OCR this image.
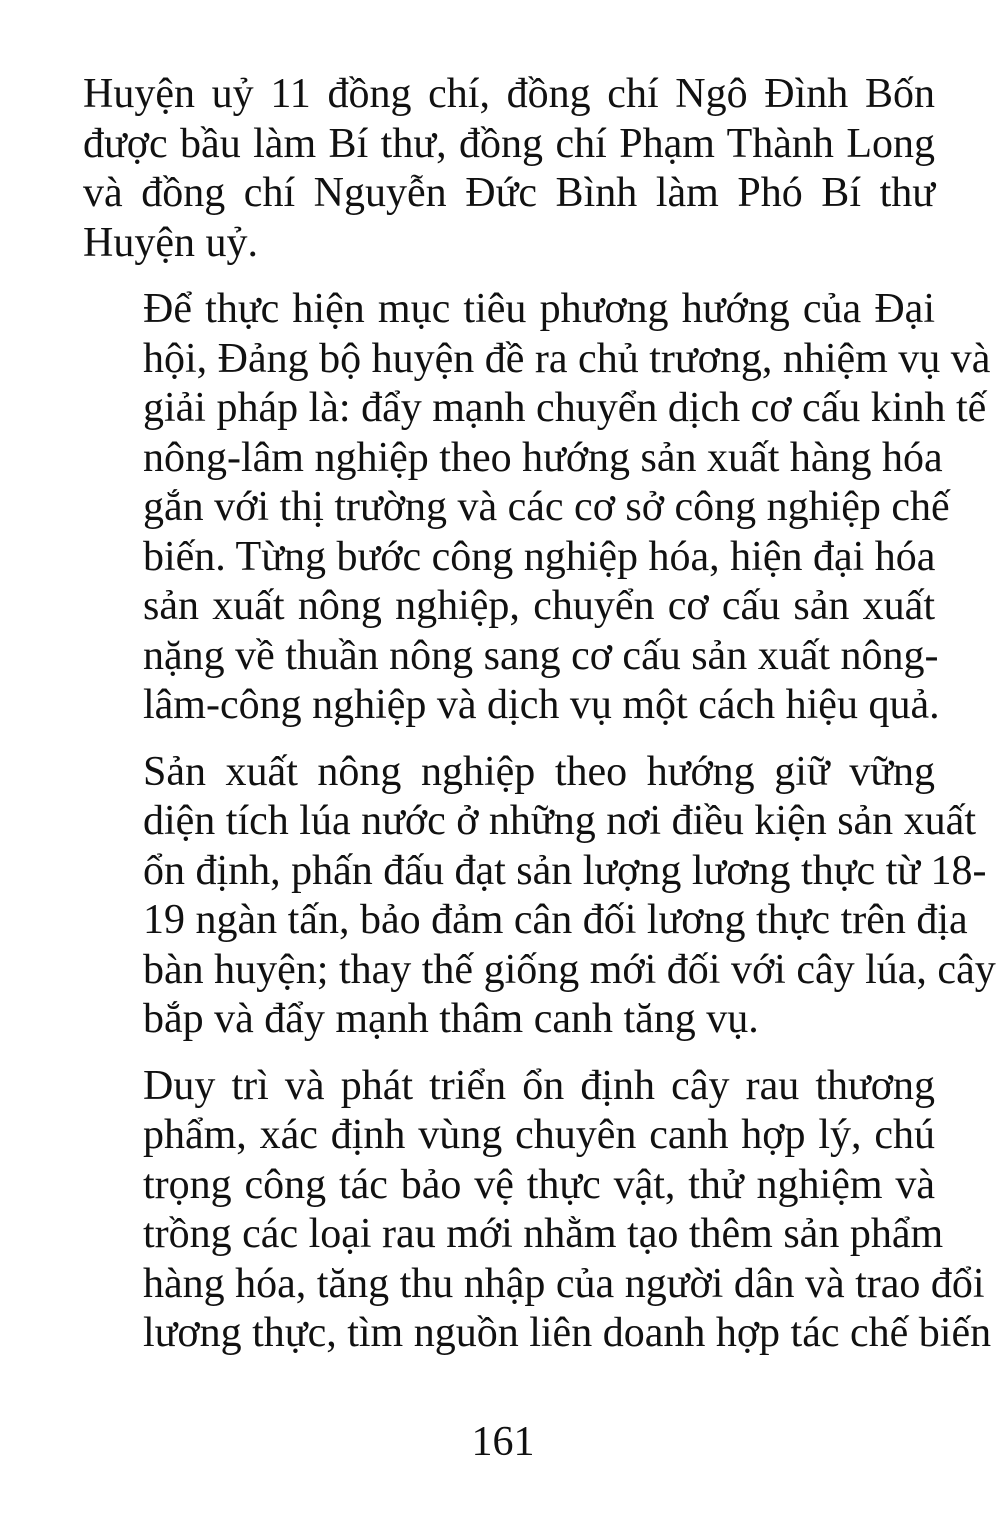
Huyện uỷ 11 đồng chí, đồng chí Ngô Đình Bốn
được bầu làm Bí thư, đồng chí Phạm Thành Long
và đồng chí Nguyễn Đức Bình làm Phó Bí thư
Huyện uỷ.
Để thực hiện mục tiêu phương hướng của Đại
hội, Đảng bộ huyện đề ra chủ trương, nhiệm vụ và
giải pháp là: đẩy mạnh chuyển dịch cơ cấu kinh tế
nông-lâm nghiệp theo hướng sản xuất hàng hóa
gắn với thị trường và các cơ sở công nghiệp chế
biến. Từng bước công nghiệp hóa, hiện đại hóa
sản xuất nông nghiệp, chuyển cơ cấu sản xuất
nặng về thuần nông sang cơ cấu sản xuất nông-
lâm-công nghiệp và dịch vụ một cách hiệu quả.
Sản xuất nông nghiệp theo hướng giữ vững
diện tích lúa nước ở những nơi điều kiện sản xuất
ổn định, phấn đấu đạt sản lượng lương thực từ 18-
19 ngàn tấn, bảo đảm cân đối lương thực trên địa
bàn huyện; thay thế giống mới đối với cây lúa, cây
bắp và đẩy mạnh thâm canh tăng vụ.
Duy trì và phát triển ổn định cây rau thương
phẩm, xác định vùng chuyên canh hợp lý, chú
trọng công tác bảo vệ thực vật, thử nghiệm và
trồng các loại rau mới nhằm tạo thêm sản phẩm
hàng hóa, tăng thu nhập của người dân và trao đổi
lương thực, tìm nguồn liên doanh hợp tác chế biến
161
